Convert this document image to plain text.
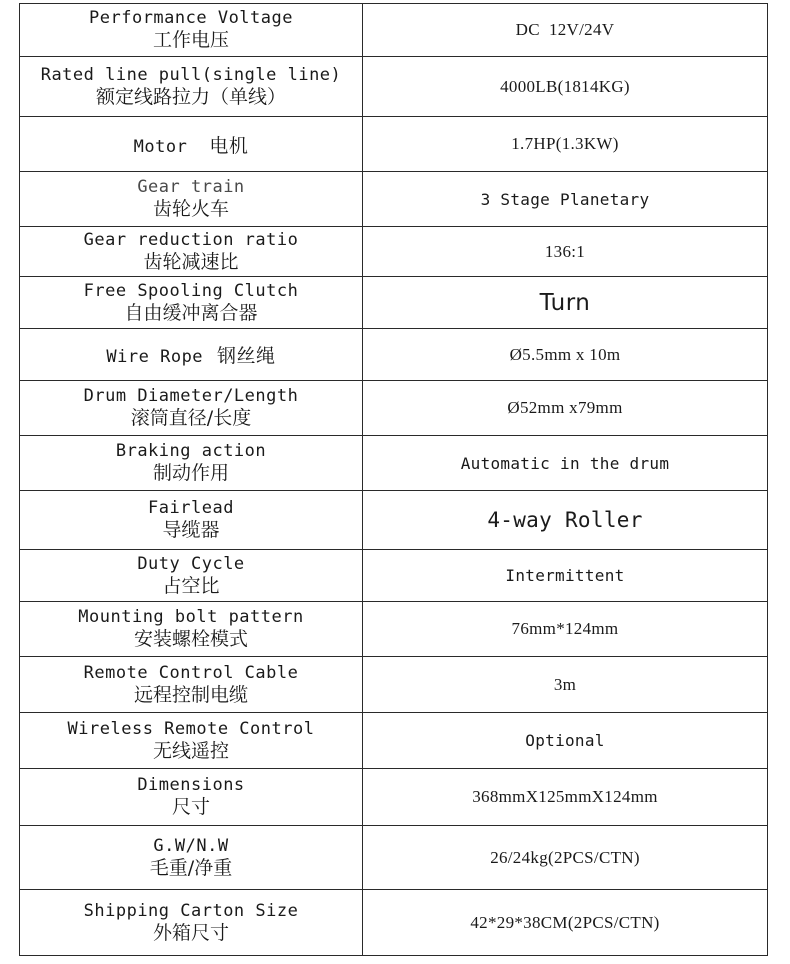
Performance Voltage
工作电压	DC  12V/24V

Rated line pull(single line)
额定线路拉力（单线）	4000LB(1814KG)
Motor 电机	1.7HP(1.3KW)

Gear train
齿轮火车	3 Stage Planetary

Gear reduction ratio
齿轮减速比	136:1

Free Spooling Clutch
自由缓冲离合器	Turn
Wire Rope 钢丝绳	Ø5.5mm x 10m

Drum Diameter/Length
滚筒直径/长度	Ø52mm x79mm

Braking action
制动作用	Automatic in the drum

Fairlead
导缆器	4-way Roller

Duty Cycle
占空比	Intermittent

Mounting bolt pattern
安装螺栓模式	76mm*124mm

Remote Control Cable
远程控制电缆	3m

Wireless Remote Control
无线遥控	Optional

Dimensions
尺寸	368mmX125mmX124mm

G.W/N.W
毛重/净重	26/24kg(2PCS/CTN)

Shipping Carton Size
外箱尺寸	42*29*38CM(2PCS/CTN)
